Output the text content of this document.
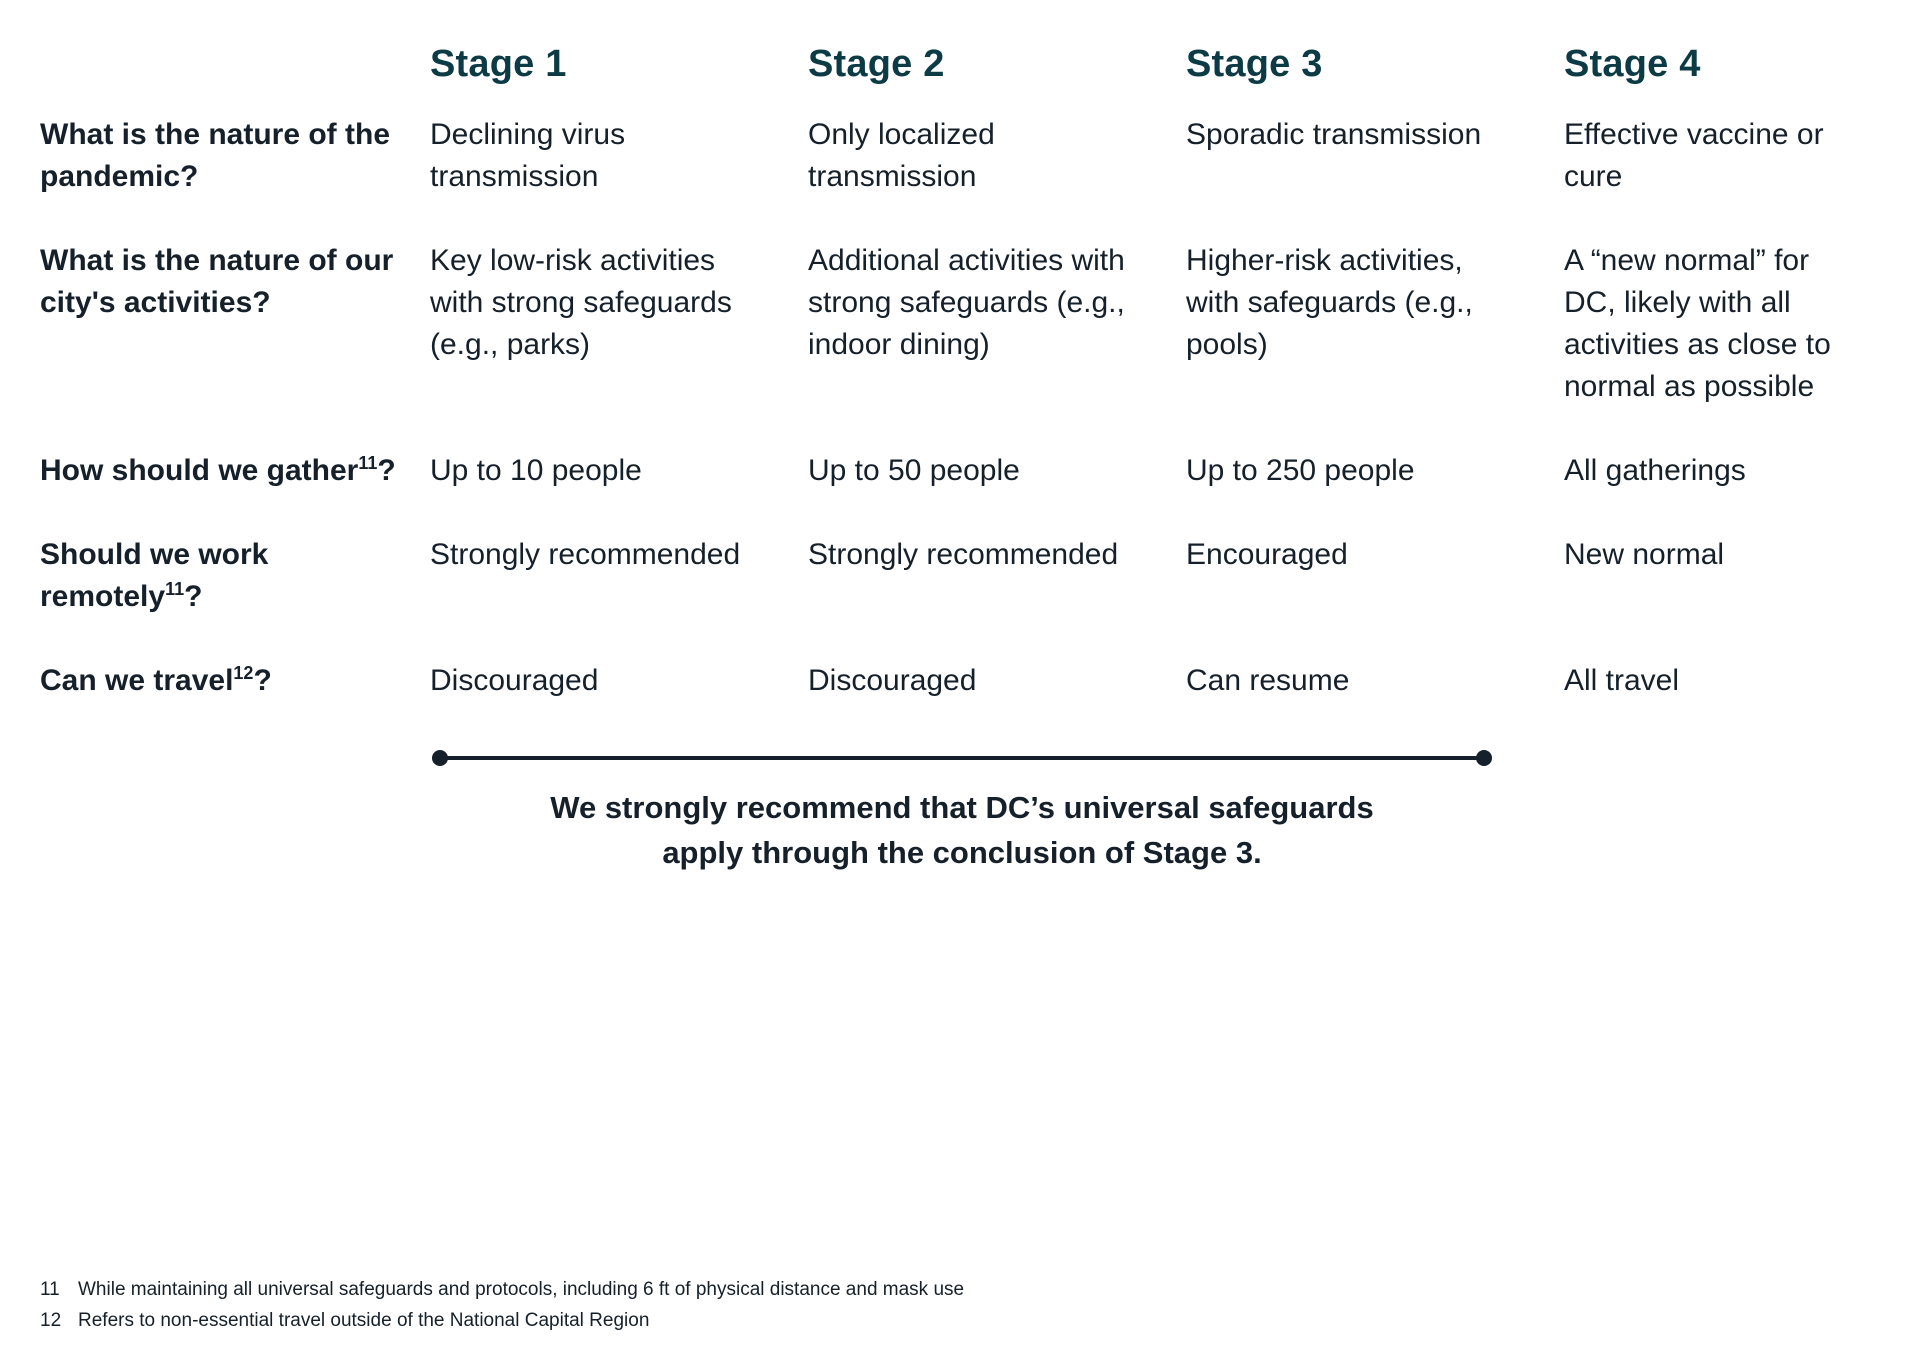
	Stage 1	Stage 2	Stage 3	Stage 4
What is the nature of the pandemic?	Declining virus transmission	Only localized transmission	Sporadic transmission	Effective vaccine or cure
What is the nature of our city's activities?	Key low-risk activities with strong safeguards (e.g., parks)	Additional activities with strong safeguards (e.g., indoor dining)	Higher-risk activities, with safeguards (e.g., pools)	A “new normal” for DC, likely with all activities as close to normal as possible
How should we gather$^{11}$?	Up to 10 people	Up to 50 people	Up to 250 people	All gatherings
Should we work remotely$^{11}$?	Strongly recommended	Strongly recommended	Encouraged	New normal
Can we travel$^{12}$?	Discouraged	Discouraged	Can resume	All travel
We strongly recommend that DC’s universal safeguards
apply through the conclusion of Stage 3.
11 While maintaining all universal safeguards and protocols, including 6 ft of physical distance and mask use
12 Refers to non-essential travel outside of the National Capital Region
